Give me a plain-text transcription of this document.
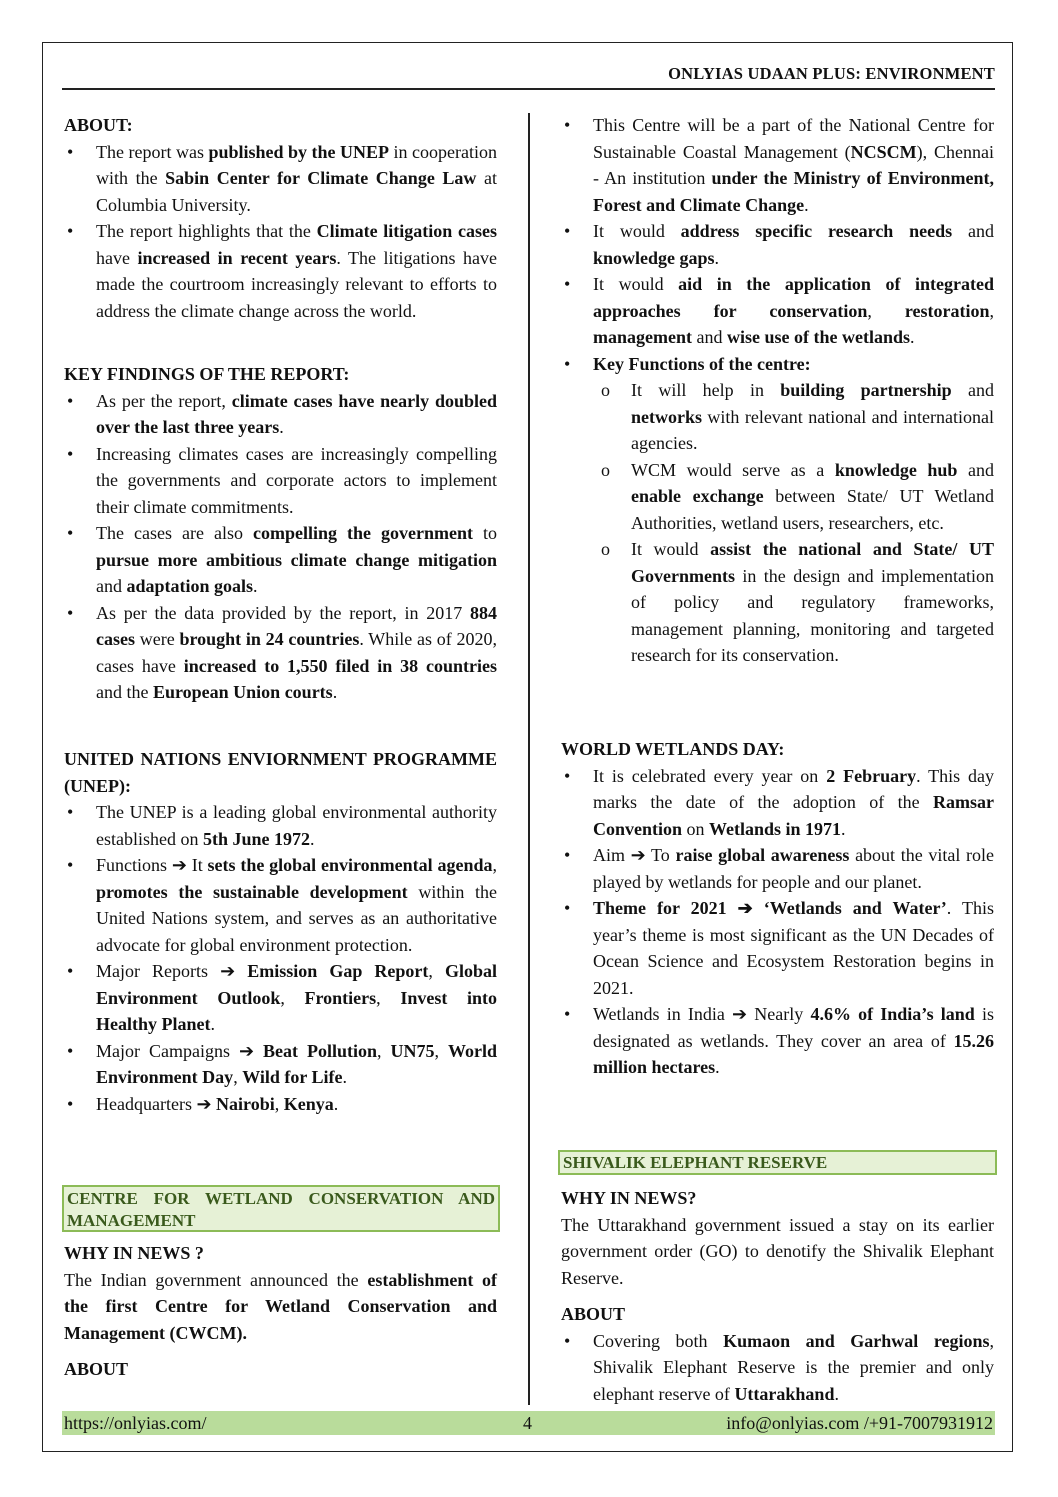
ONLYIAS UDAAN PLUS: ENVIRONMENT
ABOUT:
• The report was published by the UNEP in cooperation with the Sabin Center for Climate Change Law at Columbia University.
• The report highlights that the Climate litigation cases have increased in recent years. The litigations have made the courtroom increasingly relevant to efforts to address the climate change across the world.
KEY FINDINGS OF THE REPORT:
• As per the report, climate cases have nearly doubled over the last three years.
• Increasing climates cases are increasingly compelling the governments and corporate actors to implement their climate commitments.
• The cases are also compelling the government to pursue more ambitious climate change mitigation and adaptation goals.
• As per the data provided by the report, in 2017 884 cases were brought in 24 countries. While as of 2020, cases have increased to 1,550 filed in 38 countries and the European Union courts.
UNITED NATIONS ENVIORNMENT PROGRAMME (UNEP):
• The UNEP is a leading global environmental authority established on 5th June 1972.
• Functions ➔ It sets the global environmental agenda, promotes the sustainable development within the United Nations system, and serves as an authoritative advocate for global environment protection.
• Major Reports ➔ Emission Gap Report, Global Environment Outlook, Frontiers, Invest into Healthy Planet.
• Major Campaigns ➔ Beat Pollution, UN75, World Environment Day, Wild for Life.
• Headquarters ➔ Nairobi, Kenya.
CENTRE FOR WETLAND CONSERVATION AND MANAGEMENT
WHY IN NEWS ?

The Indian government announced the establishment of the first Centre for Wetland Conservation and Management (CWCM).

ABOUT
• This Centre will be a part of the National Centre for Sustainable Coastal Management (NCSCM), Chennai - An institution under the Ministry of Environment, Forest and Climate Change.
• It would address specific research needs and knowledge gaps.
• It would aid in the application of integrated approaches for conservation, restoration, management and wise use of the wetlands.
• Key Functions of the centre:
o It will help in building partnership and networks with relevant national and international agencies.
o WCM would serve as a knowledge hub and enable exchange between State/ UT Wetland Authorities, wetland users, researchers, etc.
o It would assist the national and State/ UT Governments in the design and implementation of policy and regulatory frameworks, management planning, monitoring and targeted research for its conservation.
WORLD WETLANDS DAY:
• It is celebrated every year on 2 February. This day marks the date of the adoption of the Ramsar Convention on Wetlands in 1971.
• Aim ➔ To raise global awareness about the vital role played by wetlands for people and our planet.
• Theme for 2021 ➔ ‘Wetlands and Water’. This year’s theme is most significant as the UN Decades of Ocean Science and Ecosystem Restoration begins in 2021.
• Wetlands in India ➔ Nearly 4.6% of India’s land is designated as wetlands. They cover an area of 15.26 million hectares.
SHIVALIK ELEPHANT RESERVE
WHY IN NEWS?

The Uttarakhand government issued a stay on its earlier government order (GO) to denotify the Shivalik Elephant Reserve.

ABOUT
• Covering both Kumaon and Garhwal regions, Shivalik Elephant Reserve is the premier and only elephant reserve of Uttarakhand.
https://onlyias.com/	4	info@onlyias.com /+91-7007931912
